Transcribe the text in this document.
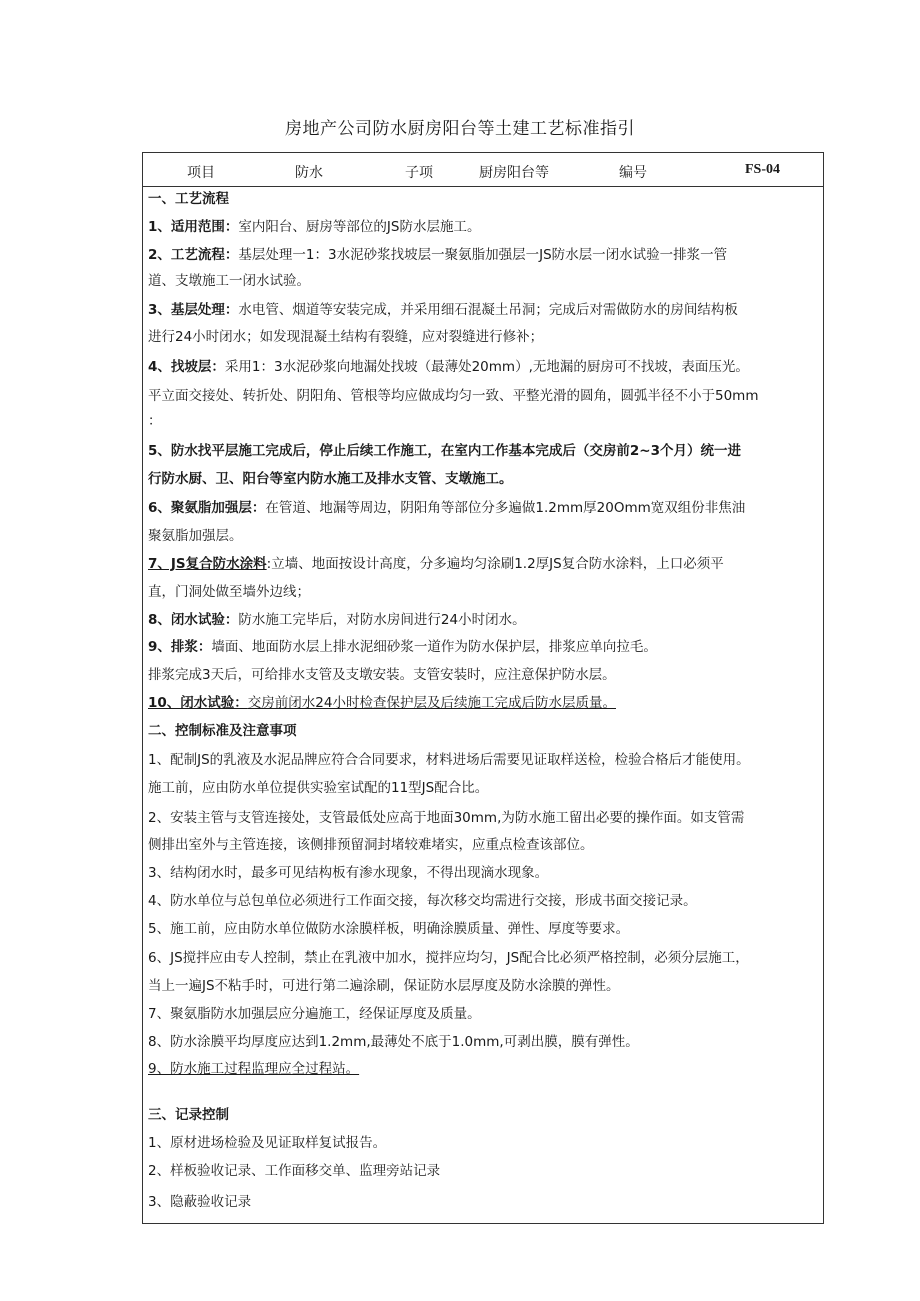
房地产公司防水厨房阳台等土建工艺标准指引
项目	防水	子项	厨房阳台等	编号	FS-04
一、工艺流程
1、适用范围：室内阳台、厨房等部位的JS防水层施工。
2、工艺流程：基层处理一1：3水泥砂浆找坡层一聚氨脂加强层一JS防水层一闭水试验一排浆一管
道、支墩施工一闭水试验。
3、基层处理：水电管、烟道等安装完成，并采用细石混凝土吊洞；完成后对需做防水的房间结构板
进行24小时闭水；如发现混凝土结构有裂缝，应对裂缝进行修补；
4、找坡层：采用1：3水泥砂浆向地漏处找坡（最薄处20mm）,无地漏的厨房可不找坡，表面压光。
平立面交接处、转折处、阴阳角、管根等均应做成均匀一致、平整光滑的圆角，圆弧半径不小于50mm
：
5、防水找平层施工完成后，停止后续工作施工，在室内工作基本完成后（交房前2~3个月）统一进
行防水厨、卫、阳台等室内防水施工及排水支管、支墩施工。
6、聚氨脂加强层：在管道、地漏等周边，阴阳角等部位分多遍做1.2mm厚20Omm宽双组份非焦油
聚氨脂加强层。
7、JS复合防水涂料:立墙、地面按设计高度，分多遍均匀涂刷1.2厚JS复合防水涂料，上口必须平
直，门洞处做至墙外边线；
8、闭水试验：防水施工完毕后，对防水房间进行24小时闭水。
9、排浆：墙面、地面防水层上排水泥细砂浆一道作为防水保护层，排浆应单向拉毛。
排浆完成3天后，可给排水支管及支墩安装。支管安装时，应注意保护防水层。
10、闭水试验：交房前闭水24小时检查保护层及后续施工完成后防水层质量。
二、控制标准及注意事项
1、配制JS的乳液及水泥品牌应符合合同要求，材料进场后需要见证取样送检，检验合格后才能使用。
施工前，应由防水单位提供实验室试配的11型JS配合比。
2、安装主管与支管连接处，支管最低处应高于地面30mm,为防水施工留出必要的操作面。如支管需
侧排出室外与主管连接，该侧排预留洞封堵较难堵实，应重点检查该部位。
3、结构闭水时，最多可见结构板有渗水现象，不得出现滴水现象。
4、防水单位与总包单位必须进行工作面交接，每次移交均需进行交接，形成书面交接记录。
5、施工前，应由防水单位做防水涂膜样板，明确涂膜质量、弹性、厚度等要求。
6、JS搅拌应由专人控制，禁止在乳液中加水，搅拌应均匀，JS配合比必须严格控制，必须分层施工，
当上一遍JS不粘手时，可进行第二遍涂刷，保证防水层厚度及防水涂膜的弹性。
7、聚氨脂防水加强层应分遍施工，经保证厚度及质量。
8、防水涂膜平均厚度应达到1.2mm,最薄处不底于1.0mm,可剥出膜，膜有弹性。
9、防水施工过程监理应全过程站。
三、记录控制
1、原材进场检验及见证取样复试报告。
2、样板验收记录、工作面移交单、监理旁站记录
3、隐蔽验收记录
